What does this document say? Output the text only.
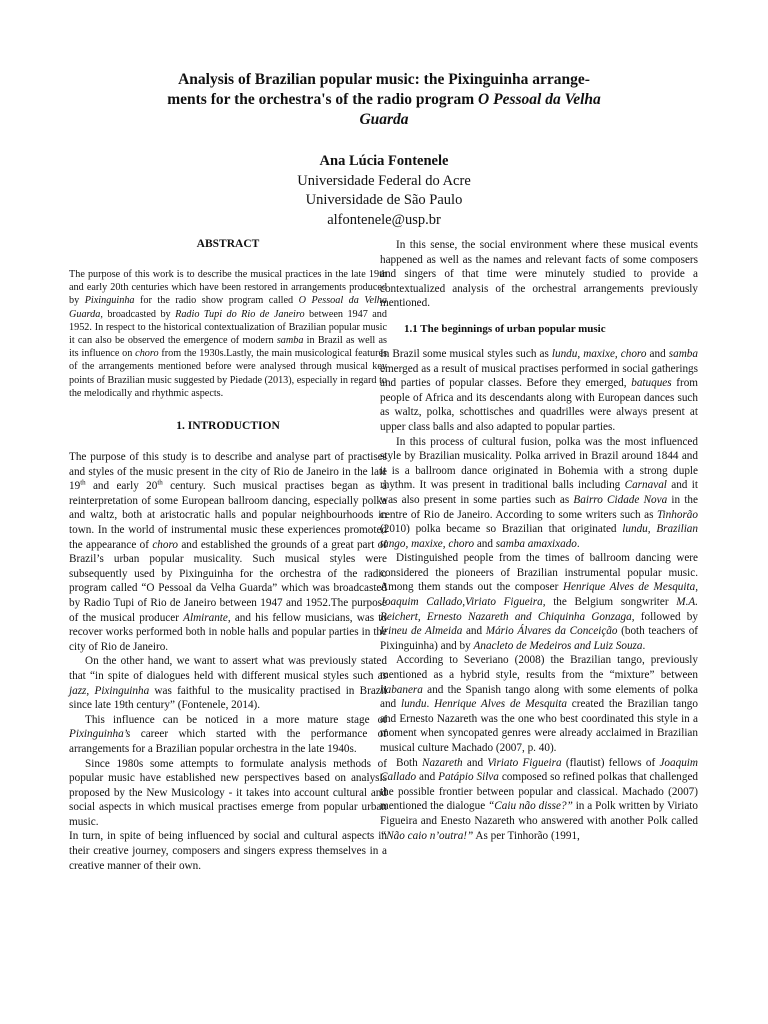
Analysis of Brazilian popular music: the Pixinguinha arrange-
ments for the orchestra's of the radio program O Pessoal da Velha
Guarda
Ana Lúcia Fontenele
Universidade Federal do Acre
Universidade de São Paulo
alfontenele@usp.br

ABSTRACT

The purpose of this work is to describe the musical practices in the late 19th and early 20th centuries which have been restored in arrangements produced by Pixinguinha for the radio show program called O Pessoal da Velha Guarda, broadcasted by Radio Tupi do Rio de Janeiro between 1947 and 1952. In respect to the historical contextualization of Brazilian popular music it can also be observed the emergence of modern samba in Brazil as well as its influence on choro from the 1930s.Lastly, the main musicological features of the arrangements mentioned before were analysed through musical key points of Brazilian music suggested by Piedade (2013), especially in regard to the melodically and rhythmic aspects.

1. INTRODUCTION

The purpose of this study is to describe and analyse part of practises and styles of the music present in the city of Rio de Janeiro in the late 19th and early 20th century. Such musical practises began as a reinterpretation of some European ballroom dancing, especially polka and waltz, both at aristocratic halls and popular neighbourhoods in town. In the world of instrumental music these experiences promoted the appearance of choro and established the grounds of a great part of Brazil’s urban popular musicality. Such musical styles were subsequently used by Pixinguinha for the orchestra of the radio program called “O Pessoal da Velha Guarda” which was broadcasted by Radio Tupi of Rio de Janeiro between 1947 and 1952.The purpose of the musical producer Almirante, and his fellow musicians, was to recover works performed both in noble halls and popular parties in the city of Rio de Janeiro.

On the other hand, we want to assert what was previously stated that “in spite of dialogues held with different musical styles such as jazz, Pixinguinha was faithful to the musicality practised in Brazil since late 19th century” (Fontenele, 2014).

This influence can be noticed in a more mature stage of Pixinguinha’s career which started with the performance of arrangements for a Brazilian popular orchestra in the late 1940s.

Since 1980s some attempts to formulate analysis methods of popular music have established new perspectives based on analysis proposed by the New Musicology - it takes into account cultural and social aspects in which musical practises emerge from popular urban music.

In turn, in spite of being influenced by social and cultural aspects in their creative journey, composers and singers express themselves in a creative manner of their own.

In this sense, the social environment where these musical events happened as well as the names and relevant facts of some composers and singers of that time were minutely studied to provide a contextualized analysis of the orchestral arrangements previously mentioned.

1.1 The beginnings of urban popular music

In Brazil some musical styles such as lundu, maxixe, choro and samba emerged as a result of musical practises performed in social gatherings and parties of popular classes. Before they emerged, batuques from people of Africa and its descendants along with European dances such as waltz, polka, schottisches and quadrilles were always present at upper class balls and also adapted to popular parties.

In this process of cultural fusion, polka was the most influenced style by Brazilian musicality. Polka arrived in Brazil around 1844 and it is a ballroom dance originated in Bohemia with a strong duple rhythm. It was present in traditional balls including Carnaval and it was also present in some parties such as Bairro Cidade Nova in the centre of Rio de Janeiro. According to some writers such as Tinhorão (2010) polka became so Brazilian that originated lundu, Brazilian tango, maxixe, choro and samba amaxixado.

Distinguished people from the times of ballroom dancing were considered the pioneers of Brazilian instrumental popular music. Among them stands out the composer Henrique Alves de Mesquita, Joaquim Callado,Viriato Figueira, the Belgium songwriter M.A. Reichert, Ernesto Nazareth and Chiquinha Gonzaga, followed by Irineu de Almeida and Mário Álvares da Conceição (both teachers of Pixinguinha) and by Anacleto de Medeiros and Luiz Souza.

According to Severiano (2008) the Brazilian tango, previously mentioned as a hybrid style, results from the “mixture” between habanera and the Spanish tango along with some elements of polka and lundu. Henrique Alves de Mesquita created the Brazilian tango and Ernesto Nazareth was the one who best coordinated this style in a moment when syncopated genres were already acclaimed in Brazilian musical culture Machado (2007, p. 40).

Both Nazareth and Viriato Figueira (flautist) fellows of Joaquim Callado and Patápio Silva composed so refined polkas that challenged the possible frontier between popular and classical. Machado (2007) mentioned the dialogue “Caiu não disse?” in a Polk written by Viriato Figueira and Enesto Nazareth who answered with another Polk called “Não caio n’outra!” As per Tinhorão (1991,
